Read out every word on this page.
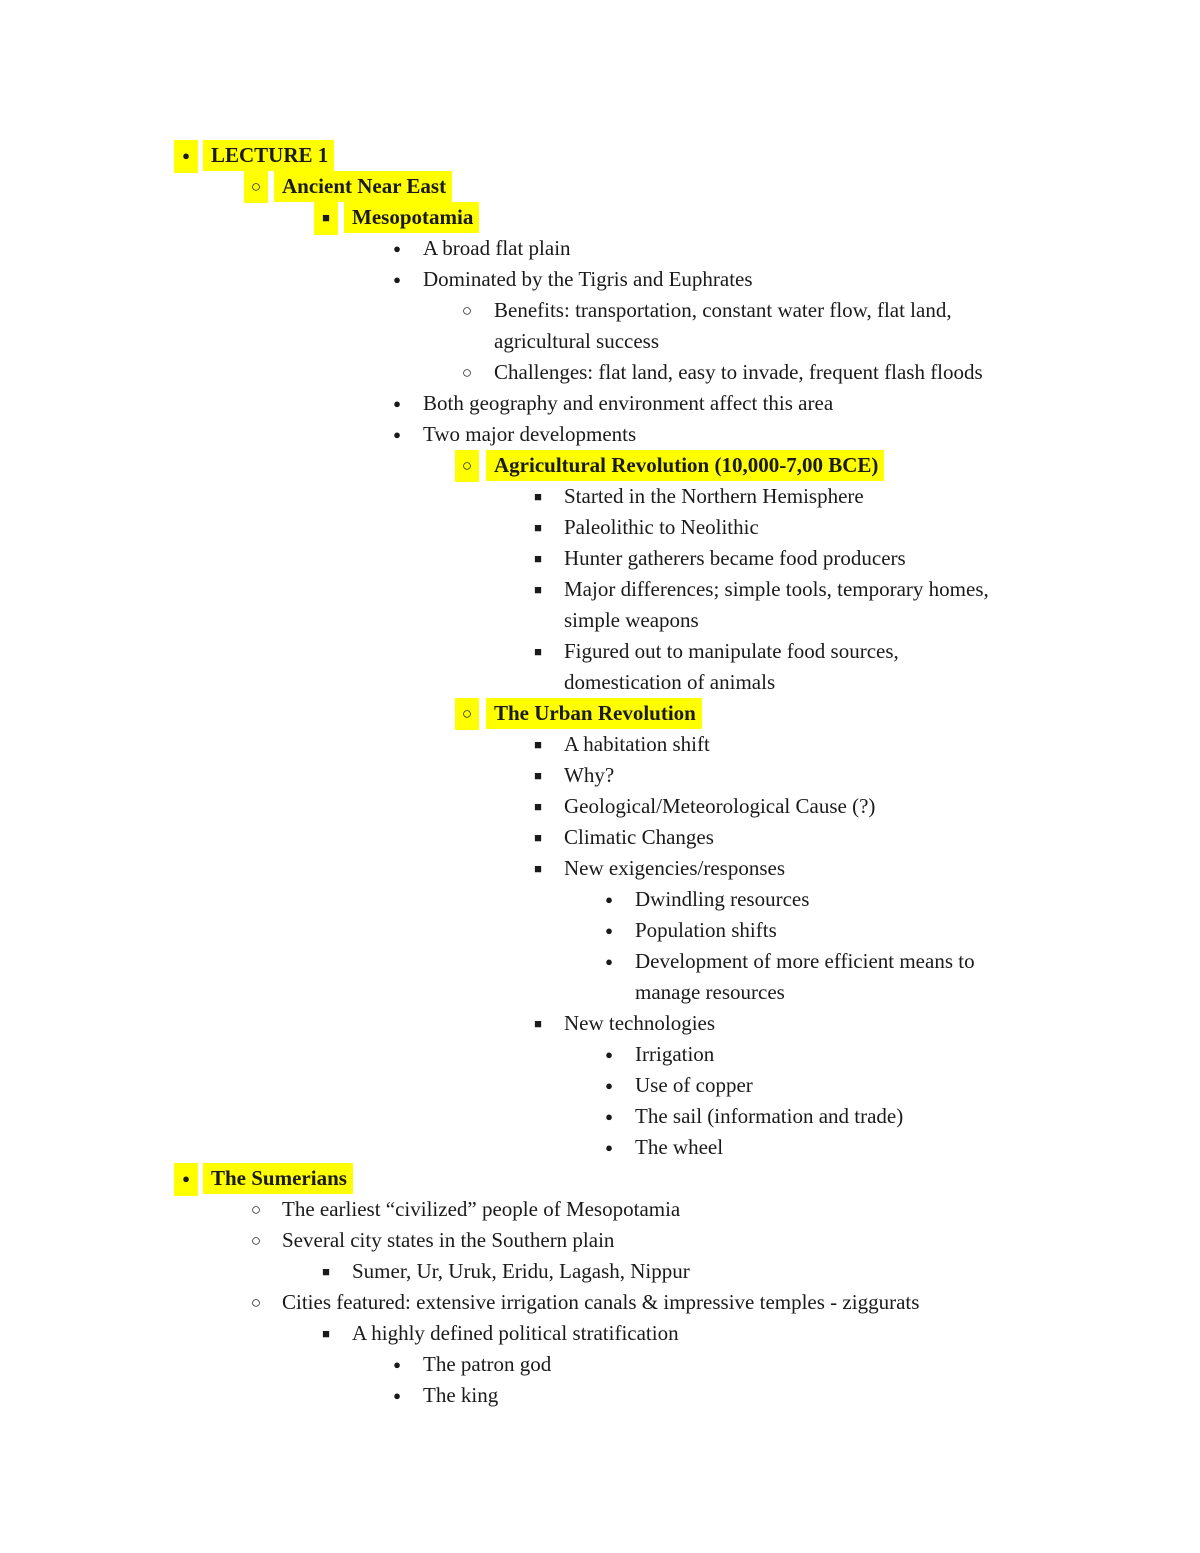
●
LECTURE 1
○
Ancient Near East
■
Mesopotamia
●
A broad flat plain
●
Dominated by the Tigris and Euphrates
○
Benefits: transportation, constant water flow, flat land,
agricultural success
○
Challenges: flat land, easy to invade, frequent flash floods
●
Both geography and environment affect this area
●
Two major developments
○
Agricultural Revolution (10,000-7,00 BCE)
■
Started in the Northern Hemisphere
■
Paleolithic to Neolithic
■
Hunter gatherers became food producers
■
Major differences; simple tools, temporary homes,
simple weapons
■
Figured out to manipulate food sources,
domestication of animals
○
The Urban Revolution
■
A habitation shift
■
Why?
■
Geological/Meteorological Cause (?)
■
Climatic Changes
■
New exigencies/responses
●
Dwindling resources
●
Population shifts
●
Development of more efficient means to
manage resources
■
New technologies
●
Irrigation
●
Use of copper
●
The sail (information and trade)
●
The wheel
●
The Sumerians
○
The earliest “civilized” people of Mesopotamia
○
Several city states in the Southern plain
■
Sumer, Ur, Uruk, Eridu, Lagash, Nippur
○
Cities featured: extensive irrigation canals & impressive temples - ziggurats
■
A highly defined political stratification
●
The patron god
●
The king
